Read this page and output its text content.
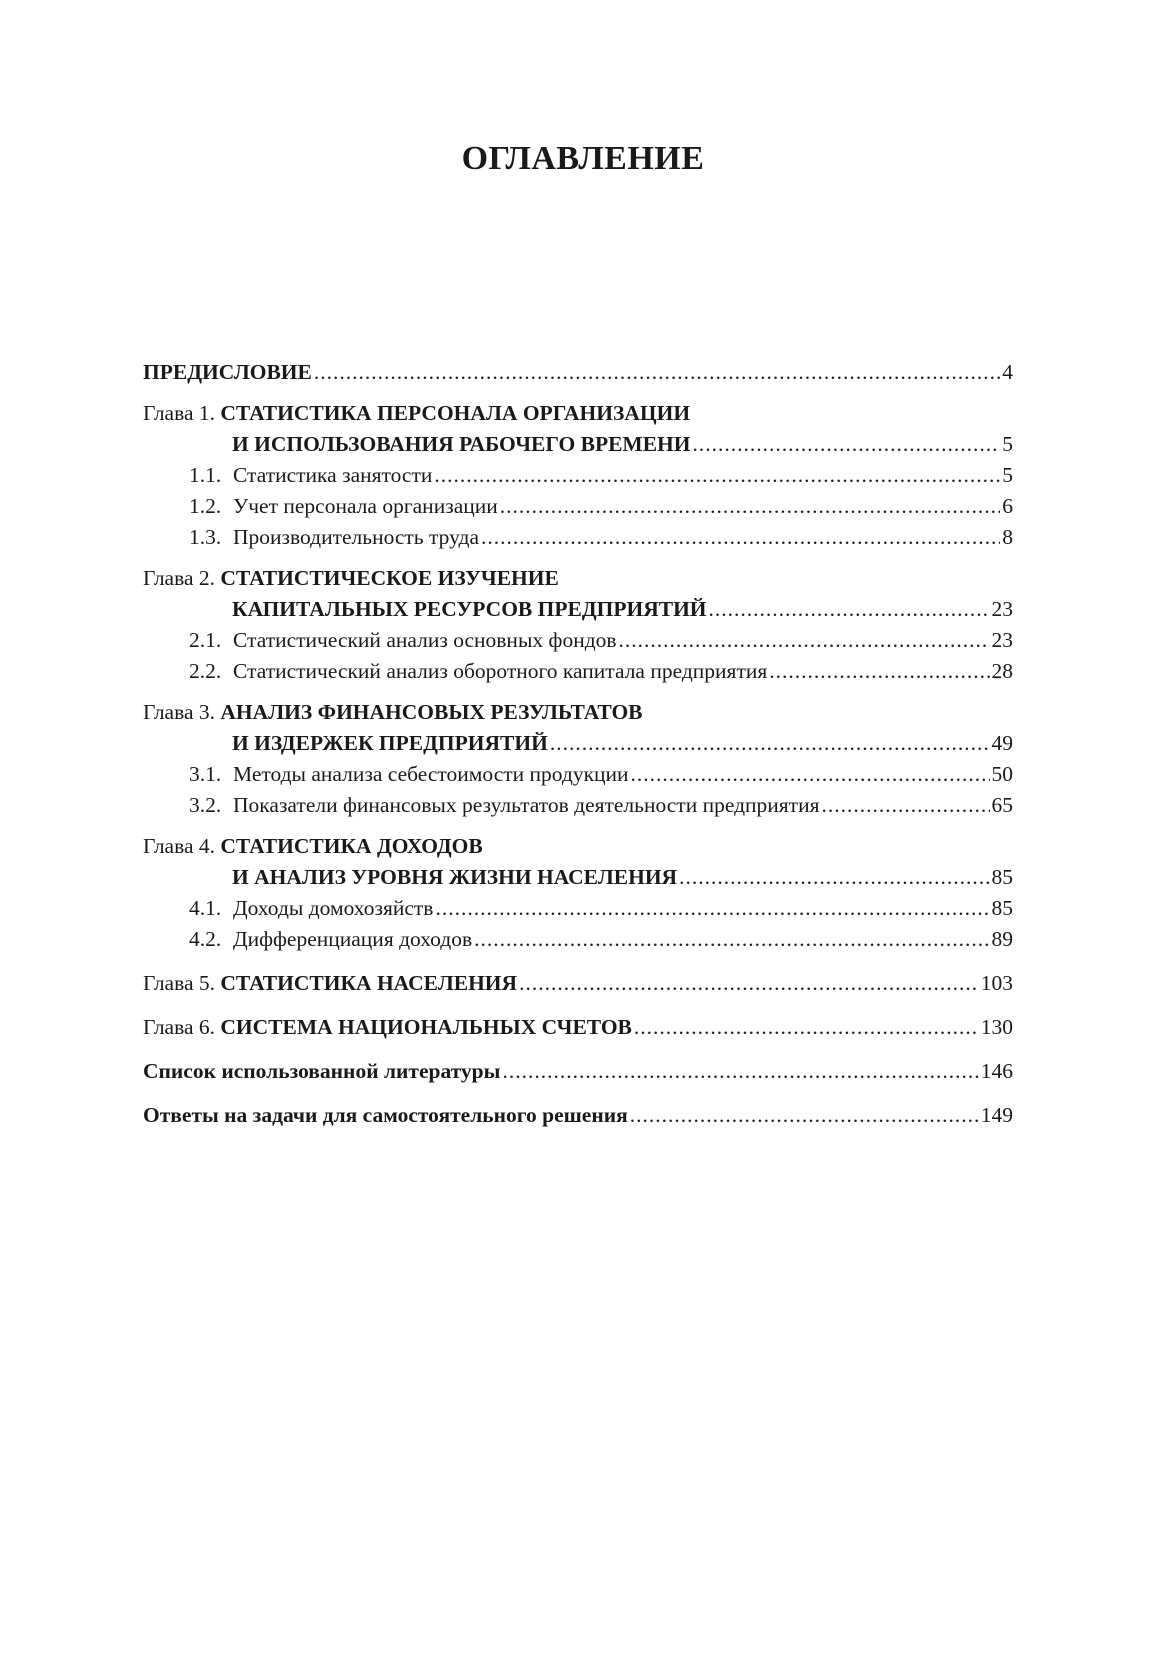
ОГЛАВЛЕНИЕ
ПРЕДИСЛОВИЕ .....	4
Глава 1.
СТАТИСТИКА ПЕРСОНАЛА ОРГАНИЗАЦИИ
И ИСПОЛЬЗОВАНИЯ РАБОЧЕГО ВРЕМЕНИ .....	5
1.1. Статистика занятости .....	5
1.2. Учет персонала организации .....	6
1.3. Производительность труда .....	8
Глава 2.
СТАТИСТИЧЕСКОЕ ИЗУЧЕНИЕ
КАПИТАЛЬНЫХ РЕСУРСОВ ПРЕДПРИЯТИЙ .....	23
2.1. Статистический анализ основных фондов .....	23
2.2. Статистический анализ оборотного капитала предприятия .....	28
Глава 3.
АНАЛИЗ ФИНАНСОВЫХ РЕЗУЛЬТАТОВ
И ИЗДЕРЖЕК ПРЕДПРИЯТИЙ .....	49
3.1. Методы анализа себестоимости продукции .....	50
3.2. Показатели финансовых результатов деятельности предприятия .....	65
Глава 4.
СТАТИСТИКА ДОХОДОВ
И АНАЛИЗ УРОВНЯ ЖИЗНИ НАСЕЛЕНИЯ .....	85
4.1. Доходы домохозяйств .....	85
4.2. Дифференциация доходов .....	89
Глава 5.
СТАТИСТИКА НАСЕЛЕНИЯ .....	103
Глава 6.
СИСТЕМА НАЦИОНАЛЬНЫХ СЧЕТОВ .....	130
Список использованной литературы .....	146
Ответы на задачи для самостоятельного решения .....	149
